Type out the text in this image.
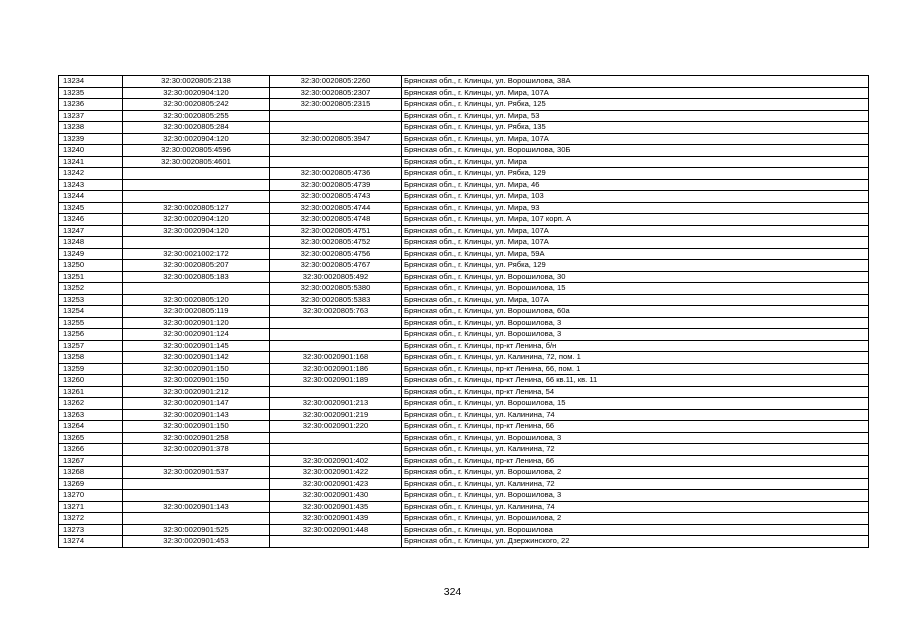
13234	32:30:0020805:2138	32:30:0020805:2260	Брянская обл., г. Клинцы, ул. Ворошилова, 38А
13235	32:30:0020904:120	32:30:0020805:2307	Брянская обл., г. Клинцы, ул. Мира, 107А
13236	32:30:0020805:242	32:30:0020805:2315	Брянская обл., г. Клинцы, ул. Рябка, 125
13237	32:30:0020805:255		Брянская обл., г. Клинцы, ул. Мира, 53
13238	32:30:0020805:284		Брянская обл., г. Клинцы, ул. Рябка, 135
13239	32:30:0020904:120	32:30:0020805:3947	Брянская обл., г. Клинцы, ул. Мира, 107А
13240	32:30:0020805:4596		Брянская обл., г. Клинцы, ул. Ворошилова, 30Б
13241	32:30:0020805:4601		Брянская обл., г. Клинцы, ул. Мира
13242		32:30:0020805:4736	Брянская обл., г. Клинцы, ул. Рябка, 129
13243		32:30:0020805:4739	Брянская обл., г. Клинцы, ул. Мира, 46
13244		32:30:0020805:4743	Брянская обл., г. Клинцы, ул. Мира, 103
13245	32:30:0020805:127	32:30:0020805:4744	Брянская обл., г. Клинцы, ул. Мира, 93
13246	32:30:0020904:120	32:30:0020805:4748	Брянская обл., г. Клинцы, ул. Мира, 107 корп. А
13247	32:30:0020904:120	32:30:0020805:4751	Брянская обл., г. Клинцы, ул. Мира, 107А
13248		32:30:0020805:4752	Брянская обл., г. Клинцы, ул. Мира, 107А
13249	32:30:0021002:172	32:30:0020805:4756	Брянская обл., г. Клинцы, ул. Мира, 59А
13250	32:30:0020805:207	32:30:0020805:4767	Брянская обл., г. Клинцы, ул. Рябка, 129
13251	32:30:0020805:183	32:30:0020805:492	Брянская обл., г. Клинцы, ул. Ворошилова, 30
13252		32:30:0020805:5380	Брянская обл., г. Клинцы, ул. Ворошилова, 15
13253	32:30:0020805:120	32:30:0020805:5383	Брянская обл., г. Клинцы, ул. Мира, 107А
13254	32:30:0020805:119	32:30:0020805:763	Брянская обл., г. Клинцы, ул. Ворошилова, 60а
13255	32:30:0020901:120		Брянская обл., г. Клинцы, ул. Ворошилова, 3
13256	32:30:0020901:124		Брянская обл., г. Клинцы, ул. Ворошилова, 3
13257	32:30:0020901:145		Брянская обл., г. Клинцы, пр-кт Ленина, б/н
13258	32:30:0020901:142	32:30:0020901:168	Брянская обл., г. Клинцы, ул. Калинина, 72, пом. 1
13259	32:30:0020901:150	32:30:0020901:186	Брянская обл., г. Клинцы, пр-кт Ленина, 66, пом. 1
13260	32:30:0020901:150	32:30:0020901:189	Брянская обл., г. Клинцы, пр-кт Ленина, 66 кв.11, кв. 11
13261	32:30:0020901:212		Брянская обл., г. Клинцы, пр-кт Ленина, 54
13262	32:30:0020901:147	32:30:0020901:213	Брянская обл., г. Клинцы, ул. Ворошилова, 15
13263	32:30:0020901:143	32:30:0020901:219	Брянская обл., г. Клинцы, ул. Калинина, 74
13264	32:30:0020901:150	32:30:0020901:220	Брянская обл., г. Клинцы, пр-кт Ленина, 66
13265	32:30:0020901:258		Брянская обл., г. Клинцы, ул. Ворошилова, 3
13266	32:30:0020901:378		Брянская обл., г. Клинцы, ул. Калинина, 72
13267		32:30:0020901:402	Брянская обл., г. Клинцы, пр-кт Ленина, 66
13268	32:30:0020901:537	32:30:0020901:422	Брянская обл., г. Клинцы, ул. Ворошилова, 2
13269		32:30:0020901:423	Брянская обл., г. Клинцы, ул. Калинина, 72
13270		32:30:0020901:430	Брянская обл., г. Клинцы, ул. Ворошилова, 3
13271	32:30:0020901:143	32:30:0020901:435	Брянская обл., г. Клинцы, ул. Калинина, 74
13272		32:30:0020901:439	Брянская обл., г. Клинцы, ул. Ворошилова, 2
13273	32:30:0020901:525	32:30:0020901:448	Брянская обл., г. Клинцы, ул. Ворошилова
13274	32:30:0020901:453		Брянская обл., г. Клинцы, ул. Дзержинского, 22
324
